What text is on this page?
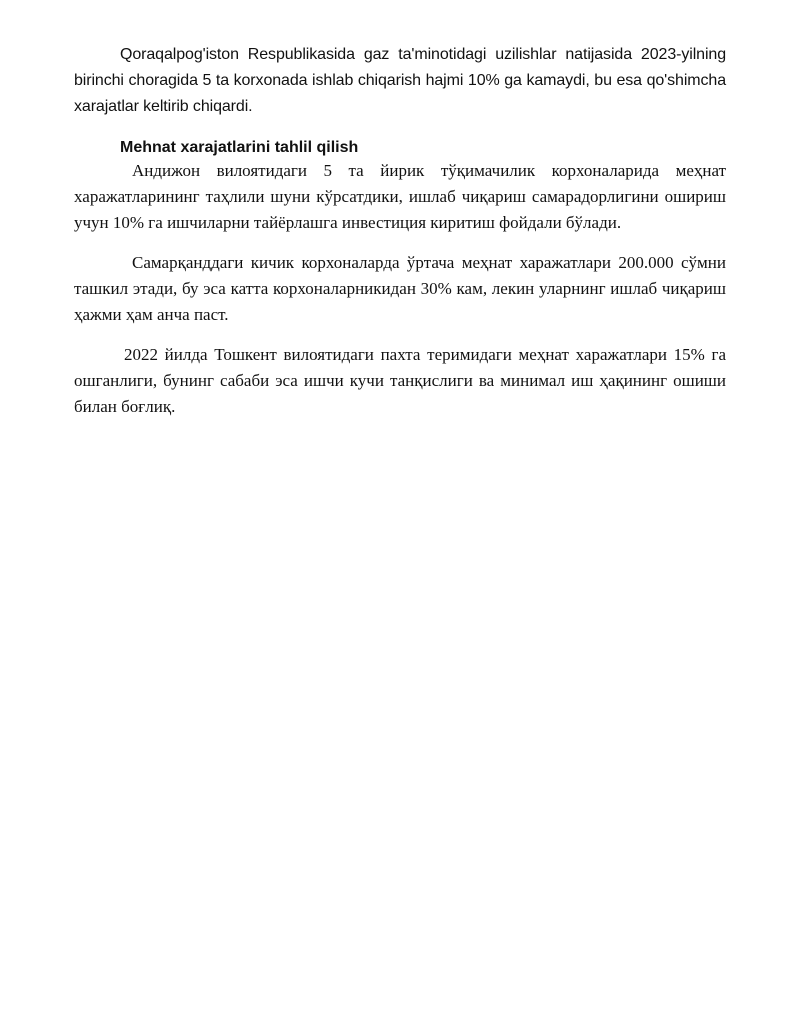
Qoraqalpog'iston Respublikasida gaz ta'minotidagi uzilishlar natijasida 2023-yilning birinchi choragida 5 ta korxonada ishlab chiqarish hajmi 10% ga kamaydi, bu esa qo'shimcha xarajatlar keltirib chiqardi.

Mehnat xarajatlarini tahlil qilish

Андижон вилоятидаги 5 та йирик тўқимачилик корхоналарида меҳнат харажатларининг таҳлили шуни кўрсатдики, ишлаб чиқариш самарадорлигини ошириш учун 10% га ишчиларни тайёрлашга инвестиция киритиш фойдали бўлади.

Самарқанддаги кичик корхоналарда ўртача меҳнат харажатлари 200.000 сўмни ташкил этади, бу эса катта корхоналарникидан 30% кам, лекин уларнинг ишлаб чиқариш ҳажми ҳам анча паст.

2022 йилда Тошкент вилоятидаги пахта теримидаги меҳнат харажатлари 15% га ошганлиги, бунинг сабаби эса ишчи кучи танқислиги ва минимал иш ҳақининг ошиши билан боғлиқ.
